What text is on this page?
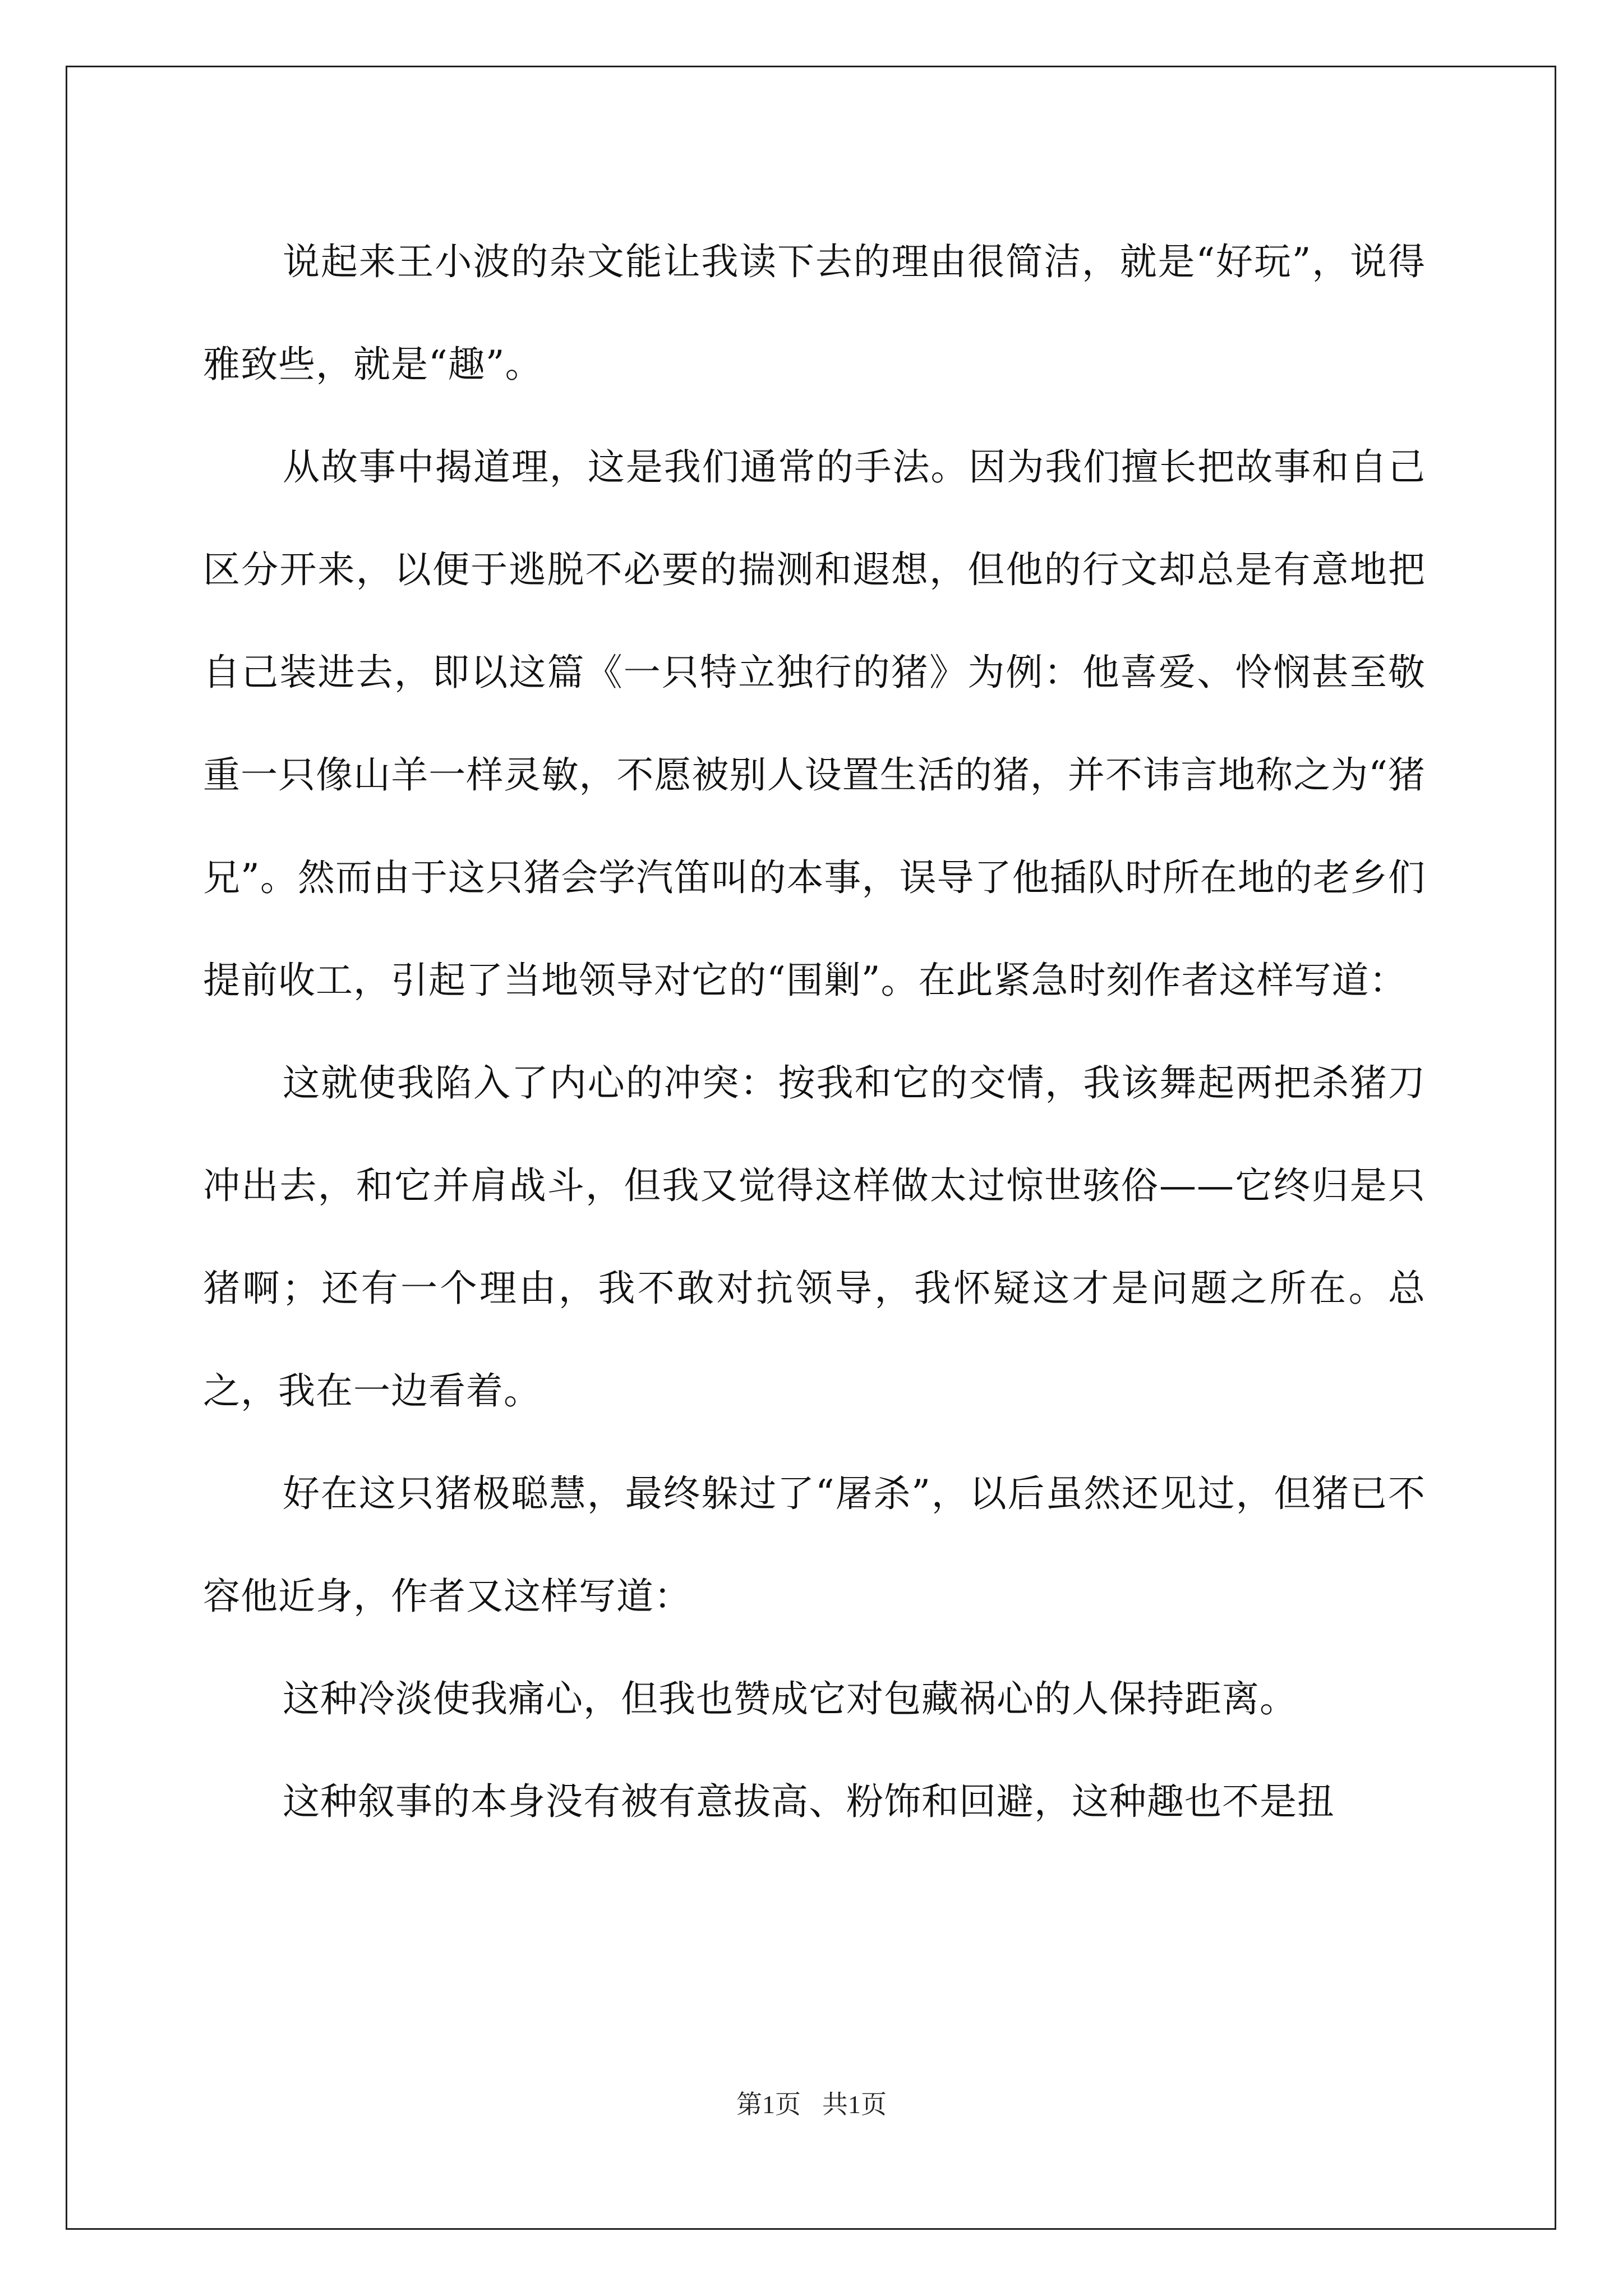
说起来王小波的杂文能让我读下去的理由很简洁，就是“好玩”，说得雅致些，就是“趣”。

从故事中揭道理，这是我们通常的手法。因为我们擅长把故事和自己区分开来，以便于逃脱不必要的揣测和遐想，但他的行文却总是有意地把自己装进去，即以这篇《一只特立独行的猪》为例：他喜爱、怜悯甚至敬重一只像山羊一样灵敏，不愿被别人设置生活的猪，并不讳言地称之为“猪兄”。然而由于这只猪会学汽笛叫的本事，误导了他插队时所在地的老乡们提前收工，引起了当地领导对它的“围剿”。在此紧急时刻作者这样写道：

这就使我陷入了内心的冲突：按我和它的交情，我该舞起两把杀猪刀冲出去，和它并肩战斗，但我又觉得这样做太过惊世骇俗——它终归是只猪啊；还有一个理由，我不敢对抗领导，我怀疑这才是问题之所在。总之，我在一边看着。

好在这只猪极聪慧，最终躲过了“屠杀”，以后虽然还见过，但猪已不容他近身，作者又这样写道：

这种冷淡使我痛心，但我也赞成它对包藏祸心的人保持距离。

这种叙事的本身没有被有意拔高、粉饰和回避，这种趣也不是扭

第1页 共1页
